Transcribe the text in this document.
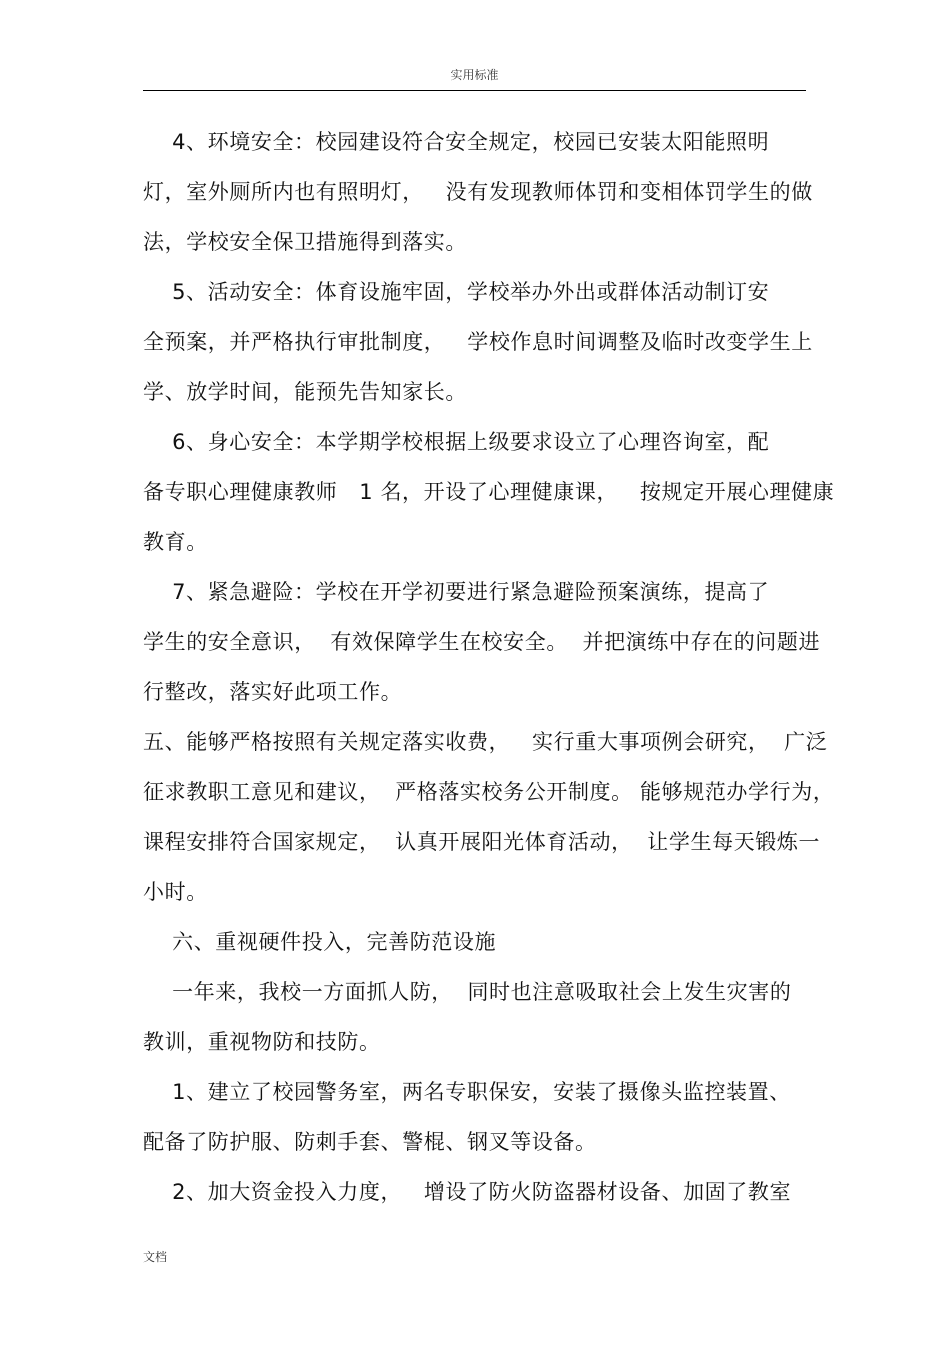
实用标准
4、环境安全：校园建设符合安全规定，校园已安装太阳能照明
灯，室外厕所内也有照明灯，   没有发现教师体罚和变相体罚学生的做
法，学校安全保卫措施得到落实。
5、活动安全：体育设施牢固，学校举办外出或群体活动制订安
全预案，并严格执行审批制度，   学校作息时间调整及临时改变学生上
学、放学时间，能预先告知家长。
6、身心安全：本学期学校根据上级要求设立了心理咨询室，配
备专职心理健康教师   1 名，开设了心理健康课，   按规定开展心理健康
教育。
7、紧急避险：学校在开学初要进行紧急避险预案演练，提高了
学生的安全意识，  有效保障学生在校安全。  并把演练中存在的问题进
行整改，落实好此项工作。
五、能够严格按照有关规定落实收费，   实行重大事项例会研究，  广泛
征求教职工意见和建议，  严格落实校务公开制度。 能够规范办学行为，
课程安排符合国家规定，  认真开展阳光体育活动，  让学生每天锻炼一
小时。
六、重视硬件投入，完善防范设施
一年来，我校一方面抓人防，  同时也注意吸取社会上发生灾害的
教训，重视物防和技防。
1、建立了校园警务室，两名专职保安，安装了摄像头监控装置、
配备了防护服、防刺手套、警棍、钢叉等设备。
2、加大资金投入力度，   增设了防火防盗器材设备、加固了教室
文档
